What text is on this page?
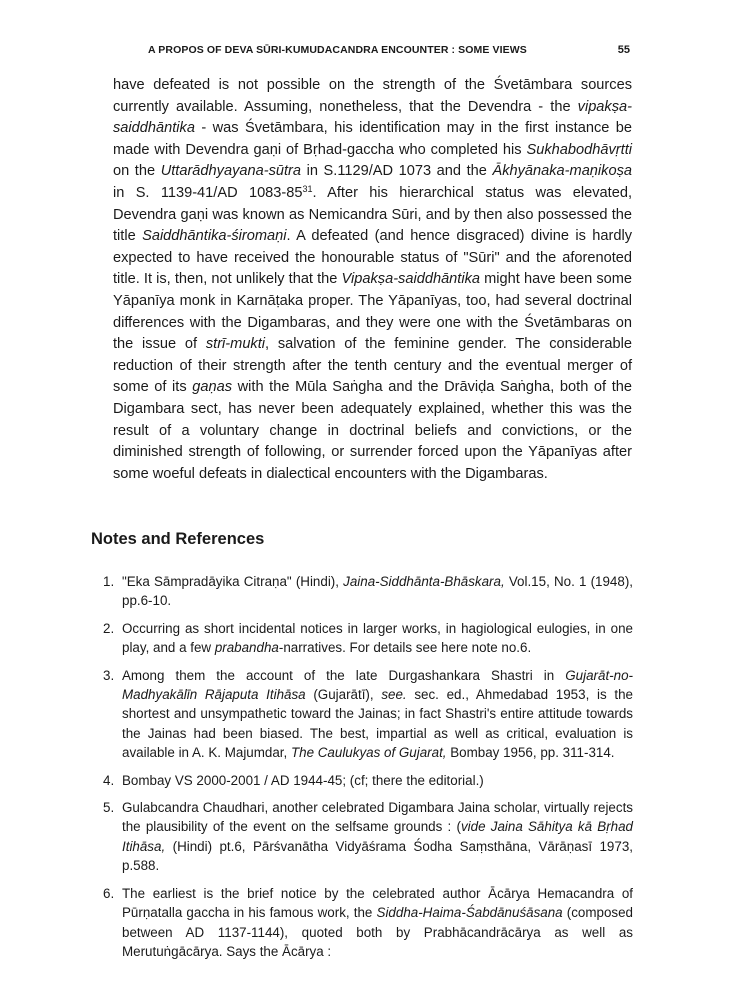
A PROPOS OF DEVA SŪRI-KUMUDACANDRA ENCOUNTER : SOME VIEWS	55

have defeated is not possible on the strength of the Śvetāmbara sources currently available. Assuming, nonetheless, that the Devendra - the vipakṣa-saiddhāntika - was Śvetāmbara, his identification may in the first instance be made with Devendra gaṇi of Bṛhad-gaccha who completed his Sukhabodhāvṛtti on the Uttarādhyayana-sūtra in S.1129/AD 1073 and the Ākhyānaka-maṇikoṣa in S. 1139-41/AD $1083-85^{31}$. After his hierarchical status was elevated, Devendra gaṇi was known as Nemicandra Sūri, and by then also possessed the title Saiddhāntika-śiromaṇi. A defeated (and hence disgraced) divine is hardly expected to have received the honourable status of "Sūri" and the aforenoted title. It is, then, not unlikely that the Vipakṣa-saiddhāntika might have been some Yāpanīya monk in Karnāṭaka proper. The Yāpanīyas, too, had several doctrinal differences with the Digambaras, and they were one with the Śvetāmbaras on the issue of strī-mukti, salvation of the feminine gender. The considerable reduction of their strength after the tenth century and the eventual merger of some of its gaṇas with the Mūla Saṅgha and the Drāviḍa Saṅgha, both of the Digambara sect, has never been adequately explained, whether this was the result of a voluntary change in doctrinal beliefs and convictions, or the diminished strength of following, or surrender forced upon the Yāpanīyas after some woeful defeats in dialectical encounters with the Digambaras.

Notes and References
1. "Eka Sāmpradāyika Citraṇa" (Hindi), Jaina-Siddhānta-Bhāskara, Vol.15, No. 1 (1948), pp.6-10.
2. Occurring as short incidental notices in larger works, in hagiological eulogies, in one play, and a few prabandha-narratives. For details see here note no.6.
3. Among them the account of the late Durgashankara Shastri in Gujarāt-no-Madhyakālīn Rājaputa Itihāsa (Gujarātī), see. sec. ed., Ahmedabad 1953, is the shortest and unsympathetic toward the Jainas; in fact Shastri's entire attitude towards the Jainas had been biased. The best, impartial as well as critical, evaluation is available in A. K. Majumdar, The Caulukyas of Gujarat, Bombay 1956, pp. 311-314.
4. Bombay VS 2000-2001 / AD 1944-45; (cf; there the editorial.)
5. Gulabcandra Chaudhari, another celebrated Digambara Jaina scholar, virtually rejects the plausibility of the event on the selfsame grounds : (vide Jaina Sāhitya kā Bṛhad Itihāsa, (Hindi) pt.6, Pārśvanātha Vidyāśrama Śodha Saṃsthāna, Vārāṇasī 1973, p.588.
6. The earliest is the brief notice by the celebrated author Ācārya Hemacandra of Pūrṇatalla gaccha in his famous work, the Siddha-Haima-Śabdānuśāsana (composed between AD 1137-1144), quoted both by Prabhācandrācārya as well as Merutuṅgācārya. Says the Ācārya :
